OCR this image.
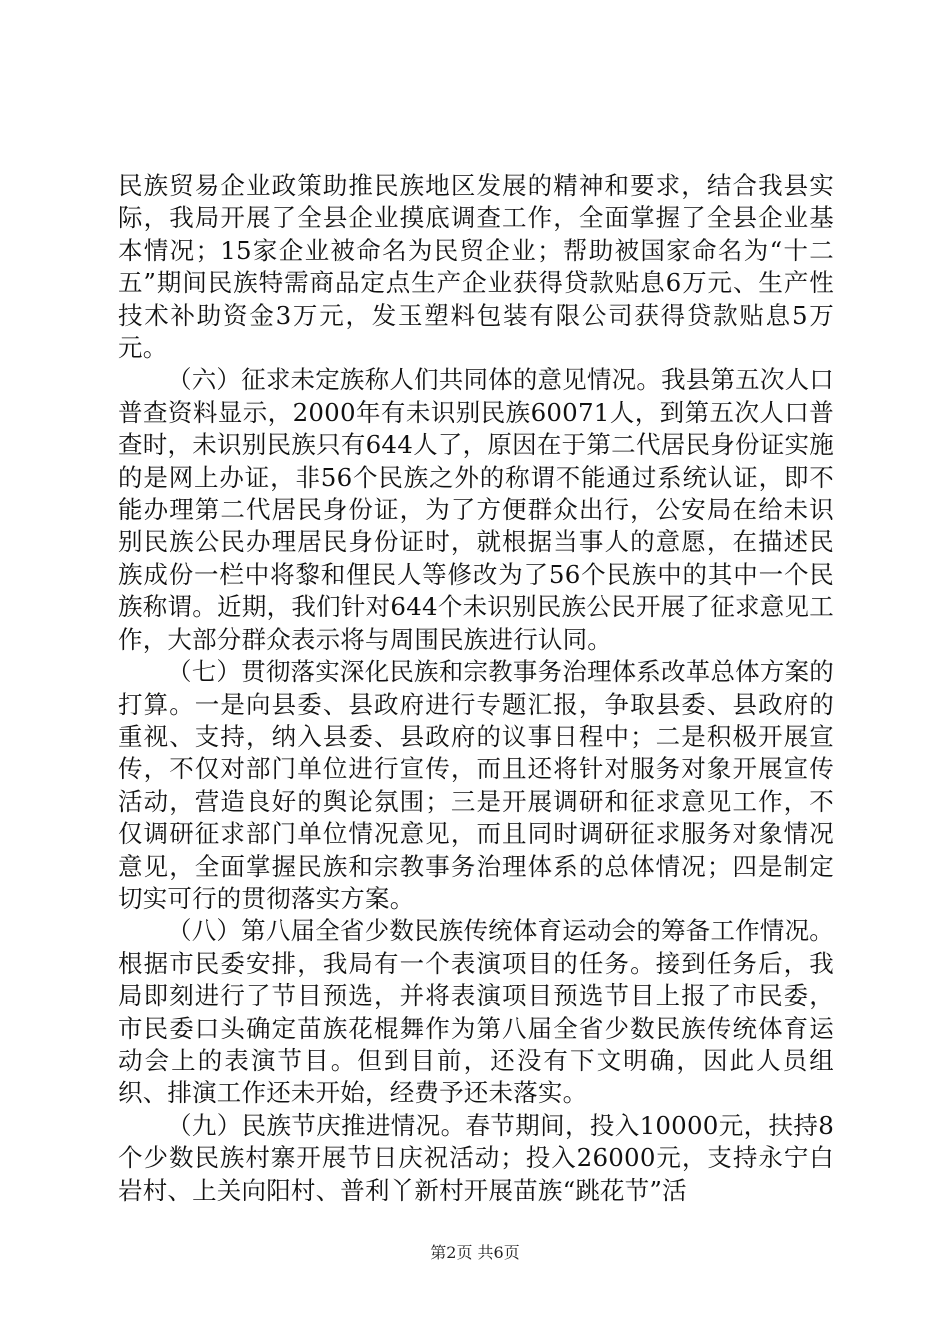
民族贸易企业政策助推民族地区发展的精神和要求，结合我县实际，我局开展了全县企业摸底调查工作，全面掌握了全县企业基本情况；15家企业被命名为民贸企业；帮助被国家命名为“十二五”期间民族特需商品定点生产企业获得贷款贴息6万元、生产性技术补助资金3万元，发玉塑料包装有限公司获得贷款贴息5万元。

（六）征求未定族称人们共同体的意见情况。我县第五次人口普查资料显示，2000年有未识别民族60071人，到第五次人口普查时，未识别民族只有644人了，原因在于第二代居民身份证实施的是网上办证，非56个民族之外的称谓不能通过系统认证，即不能办理第二代居民身份证，为了方便群众出行，公安局在给未识别民族公民办理居民身份证时，就根据当事人的意愿，在描述民族成份一栏中将黎和俚民人等修改为了56个民族中的其中一个民族称谓。近期，我们针对644个未识别民族公民开展了征求意见工作，大部分群众表示将与周围民族进行认同。

（七）贯彻落实深化民族和宗教事务治理体系改革总体方案的打算。一是向县委、县政府进行专题汇报，争取县委、县政府的重视、支持，纳入县委、县政府的议事日程中；二是积极开展宣传，不仅对部门单位进行宣传，而且还将针对服务对象开展宣传活动，营造良好的舆论氛围；三是开展调研和征求意见工作，不仅调研征求部门单位情况意见，而且同时调研征求服务对象情况意见，全面掌握民族和宗教事务治理体系的总体情况；四是制定切实可行的贯彻落实方案。

（八）第八届全省少数民族传统体育运动会的筹备工作情况。根据市民委安排，我局有一个表演项目的任务。接到任务后，我局即刻进行了节目预选，并将表演项目预选节目上报了市民委，市民委口头确定苗族花棍舞作为第八届全省少数民族传统体育运动会上的表演节目。但到目前，还没有下文明确，因此人员组织、排演工作还未开始，经费予还未落实。

（九）民族节庆推进情况。春节期间，投入10000元，扶持8个少数民族村寨开展节日庆祝活动；投入26000元，支持永宁白岩村、上关向阳村、普利丫新村开展苗族“跳花节”活

第2页 共6页
